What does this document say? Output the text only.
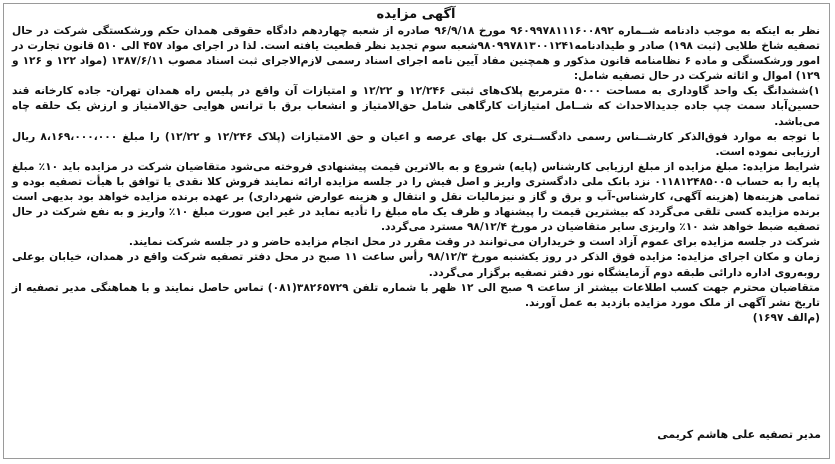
آگهی مزایده

نظر به اینکه به موجب دادنامه شــماره ۹۶۰۹۹۷۸۱۱۱۶۰۰۸۹۲ مورخ ۹۶/۹/۱۸ صادره از شعبه چهاردهم دادگاه حقوقی همدان حکم ورشکستگی شرکت در حال تصفیه شاخ طلایی (ثبت ۱۹۸) صادر و طیدادنامه۹۸۰۹۹۷۸۱۳۰۰۱۲۴۱شعبه سوم تجدید نظر قطعیت یافته است. لذا در اجرای مواد ۴۵۷ الی ۵۱۰ قانون تجارت در امور ورشکستگی و ماده ۶ نظامنامه قانون مذکور و همچنین مفاد آیین نامه اجرای اسناد رسمی لازم‌الاجرای ثبت اسناد مصوب ۱۳۸۷/۶/۱۱ (مواد ۱۲۲ و ۱۲۶ و ۱۲۹) اموال و اثاثه شرکت در حال تصفیه شامل:

۱)ششدانگ یک واحد گاوداری به مساحت ۵۰۰۰ مترمربع پلاک‌های ثبتی ۱۲/۲۴۶ و ۱۲/۲۲ و امتیازات آن واقع در پلیس راه همدان تهران- جاده کارخانه قند حسین‌آباد سمت چپ جاده جدیدالاحداث که شــامل امتیازات کارگاهی شامل حق‌الامتیاز و انشعاب برق با ترانس هوایی حق‌الامتیاز و ارزش یک حلقه چاه می‌باشد.

با توجه به موارد فوق‌الذکر کارشــناس رسمی دادگســتری کل بهای عرصه و اعیان و حق الامتیازات (پلاک ۱۲/۲۴۶ و ۱۲/۲۲) را مبلغ ۸،۱۶۹،۰۰۰،۰۰۰ ریال ارزیابی نموده است.

شرایط مزایده: مبلغ مزایده از مبلغ ارزیابی کارشناس (پایه) شروع و به بالاترین قیمت پیشنهادی فروخته می‌شود متقاضیان شرکت در مزایده باید ۱۰٪ مبلغ پایه را به حساب ۰۱۱۸۱۲۴۸۵۰۰۵ نزد بانک ملی دادگستری واریز و اصل فیش را در جلسه مزایده ارائه نمایند فروش کلا نقدی یا توافق با هیأت تصفیه بوده و تمامی هزینه‌ها (هزینه آگهی، کارشناس-آب و برق و گاز و نیزمالیات نقل و انتقال و هزینه عوارض شهرداری) بر عهده برنده مزایده خواهد بود بدیهی است برنده مزایده کسی تلقی می‌گردد که بیشترین قیمت را پیشنهاد و ظرف یک ماه مبلغ را تأدیه نماید در غیر این صورت مبلغ ۱۰٪ واریز و به نفع شرکت در حال تصفیه ضبط خواهد شد ۱۰٪ واریزی سایر متقاضیان در مورخ ۹۸/۱۲/۴ مسترد می‌گردد.

شرکت در جلسه مزایده برای عموم آزاد است و خریداران می‌توانند در وقت مقرر در محل انجام مزایده حاضر و در جلسه شرکت نمایند.

زمان و مکان اجرای مزایده: مزایده فوق الذکر در روز یکشنبه مورخ ۹۸/۱۲/۳ رأس ساعت ۱۱ صبح در محل دفتر تصفیه شرکت واقع در همدان، خیابان بوعلی روبه‌روی اداره دارائی طبقه دوم آزمایشگاه نور دفتر تصفیه برگزار می‌گردد.

متقاضیان محترم جهت کسب اطلاعات بیشتر از ساعت ۹ صبح الی ۱۲ ظهر با شماره تلفن ۳۸۲۶۵۷۲۹(۰۸۱) تماس حاصل نمایند و با هماهنگی مدیر تصفیه از تاریخ نشر آگهی از ملک مورد مزایده بازدید به عمل آورند.

(م‌الف ۱۶۹۷)

مدیر تصفیه علی هاشم کریمی
